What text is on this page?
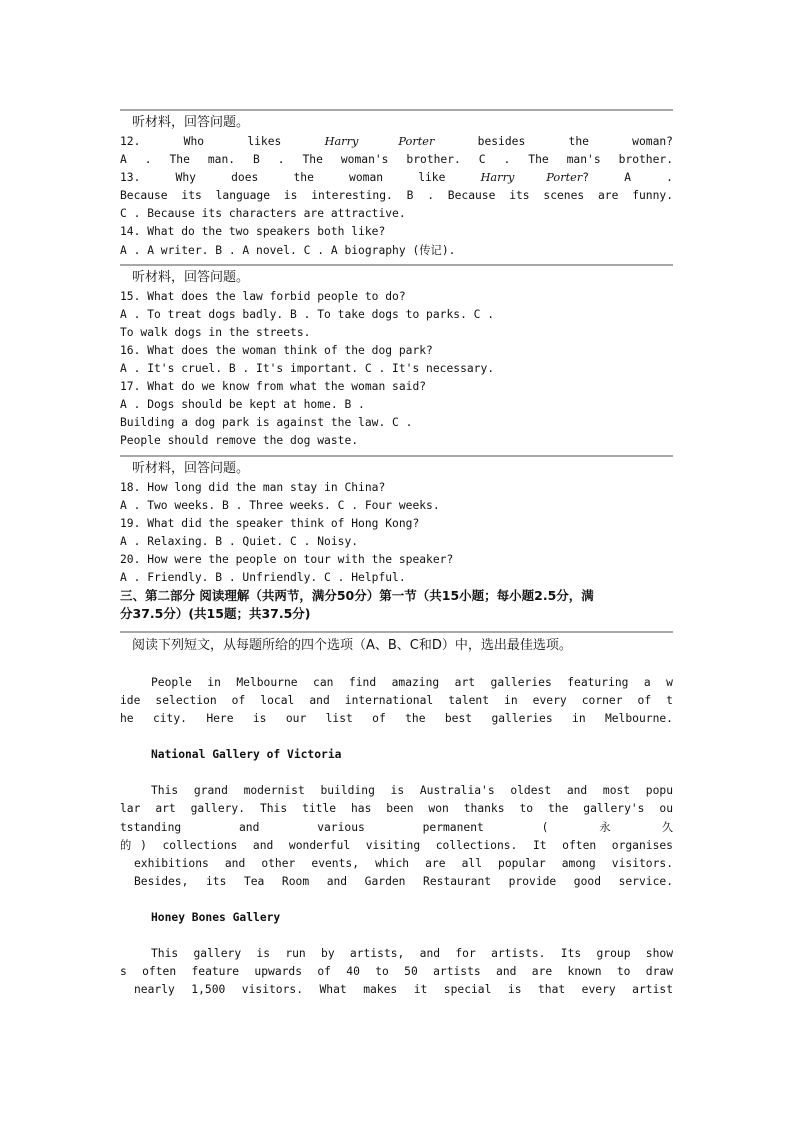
听材料，回答问题。
12. Who likes Harry Porter besides the woman?
A . The man. B . The woman's brother. C . The man's brother.
13. Why does the woman like Harry Porter? A .
Because its language is interesting. B . Because its scenes are funny.
C . Because its characters are attractive.
14. What do the two speakers both like?
A . A writer. B . A novel. C . A biography (传记).
听材料，回答问题。
15. What does the law forbid people to do?
A . To treat dogs badly. B . To take dogs to parks. C .
To walk dogs in the streets.
16. What does the woman think of the dog park?
A . It's cruel. B . It's important. C . It's necessary.
17. What do we know from what the woman said?
A . Dogs should be kept at home. B .
Building a dog park is against the law. C .
People should remove the dog waste.
听材料，回答问题。
18. How long did the man stay in China?
A . Two weeks. B . Three weeks. C . Four weeks.
19. What did the speaker think of Hong Kong?
A . Relaxing. B . Quiet. C . Noisy.
20. How were the people on tour with the speaker?
A . Friendly. B . Unfriendly. C . Helpful.
三、第二部分 阅读理解（共两节，满分50分）第一节（共15小题；每小题2.5分，满
分37.5分）(共15题；共37.5分)
阅读下列短文，从每题所给的四个选项（A、B、C和D）中，选出最佳选项。
People in Melbourne can find amazing art galleries featuring a w
ide selection of local and international talent in every corner of t
he city. Here is our list of the best galleries in Melbourne.
National Gallery of Victoria
This grand modernist building is Australia's oldest and most popu
lar art gallery. This title has been won thanks to the gallery's ou
tstanding and various permanent (永久
的) collections and wonderful visiting collections. It often organises
exhibitions and other events, which are all popular among visitors.
Besides, its Tea Room and Garden Restaurant provide good service.
Honey Bones Gallery
This gallery is run by artists, and for artists. Its group show
s often feature upwards of 40 to 50 artists and are known to draw
nearly 1,500 visitors. What makes it special is that every artist
